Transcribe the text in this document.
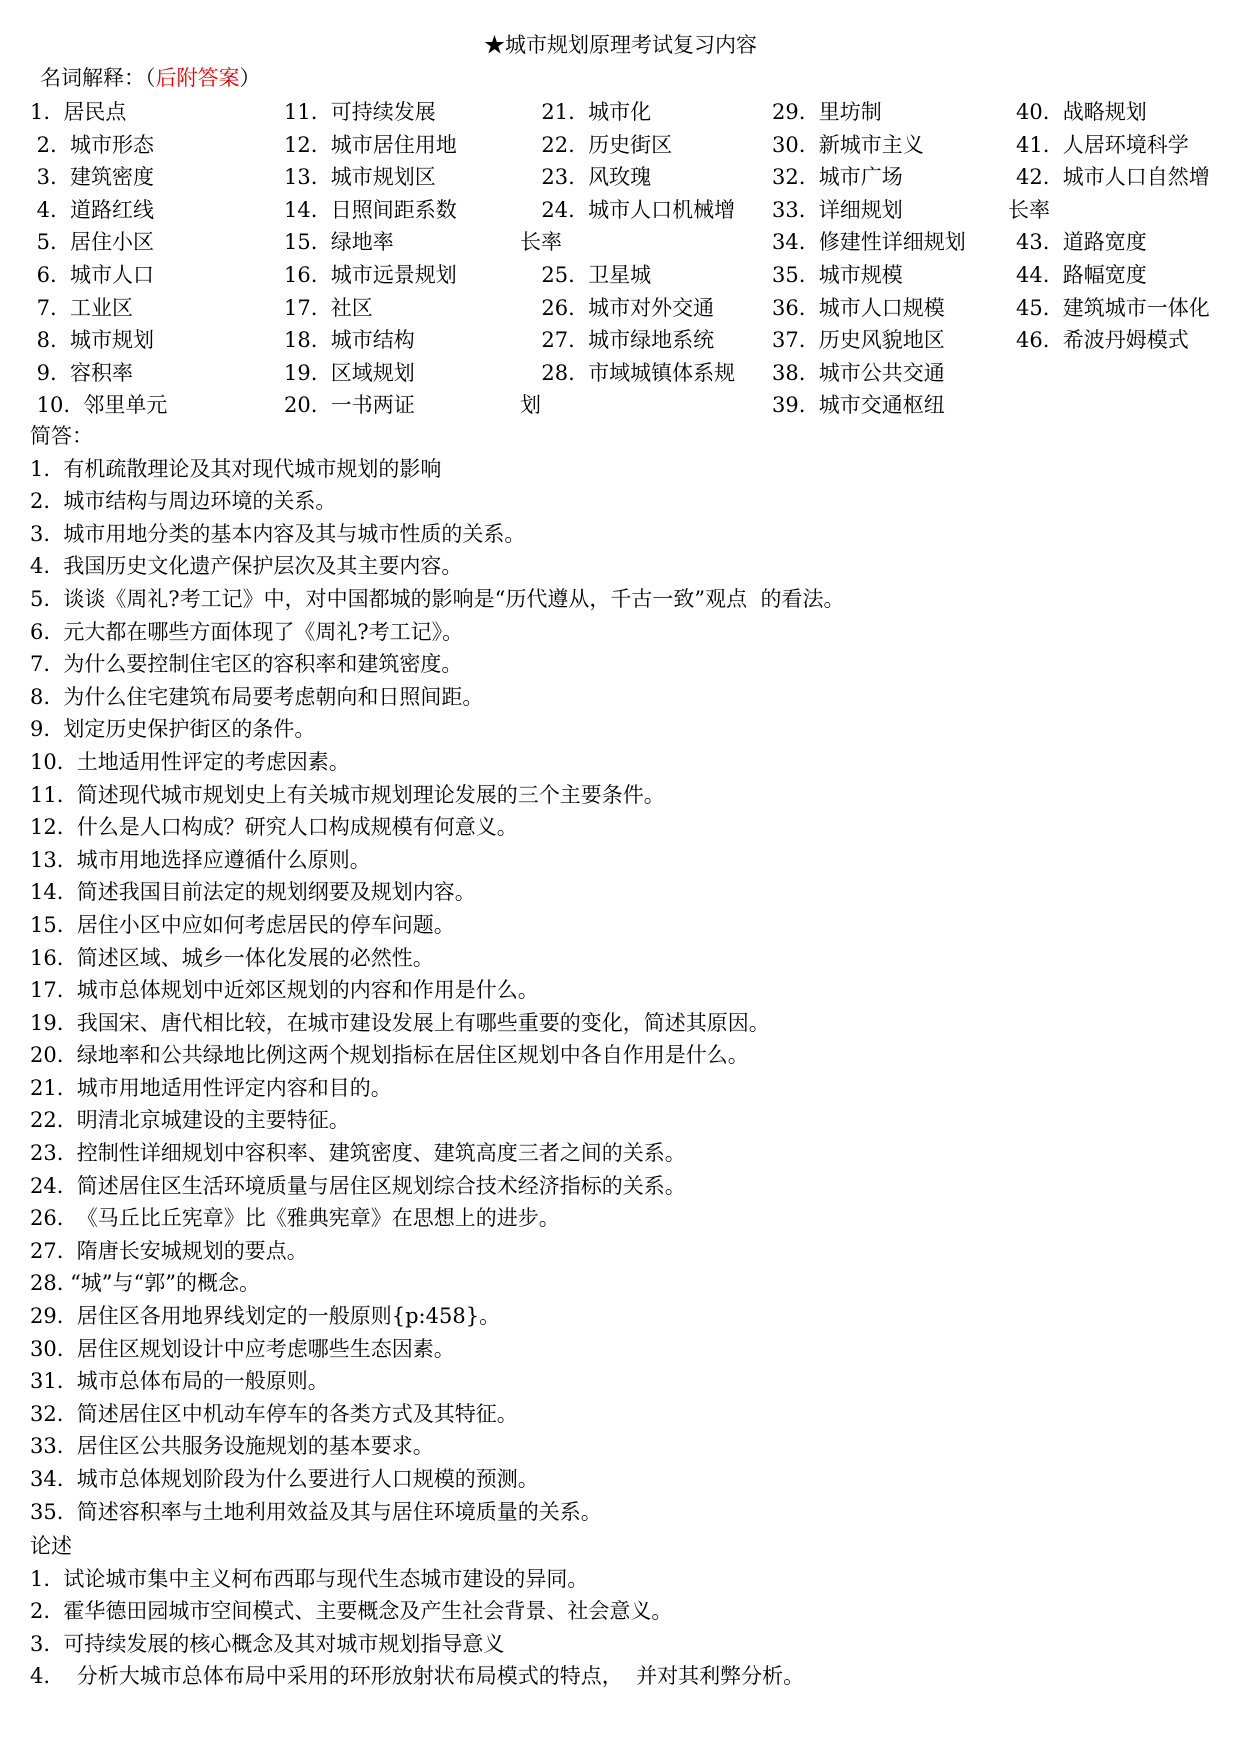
★城市规划原理考试复习内容
名词解释：（后附答案）
1.  居民点
2.  城市形态
3.  建筑密度
4.  道路红线
5.  居住小区
6.  城市人口
7.  工业区
8.  城市规划
9.  容积率
10.  邻里单元
11.  可持续发展
12.  城市居住用地
13.  城市规划区
14.  日照间距系数
15.  绿地率
16.  城市远景规划
17.  社区
18.  城市结构
19.  区域规划
20.  一书两证
21.  城市化
22.  历史街区
23.  风玫瑰
24.  城市人口机械增
长率
25.  卫星城
26.  城市对外交通
27.  城市绿地系统
28.  市域城镇体系规
划
29.  里坊制
30.  新城市主义
32.  城市广场
33.  详细规划
34.  修建性详细规划
35.  城市规模
36.  城市人口规模
37.  历史风貌地区
38.  城市公共交通
39.  城市交通枢纽
40.  战略规划
41.  人居环境科学
42.  城市人口自然增
长率
43.  道路宽度
44.  路幅宽度
45.  建筑城市一体化
46.  希波丹姆模式
简答：
1.  有机疏散理论及其对现代城市规划的影响
2.  城市结构与周边环境的关系。
3.  城市用地分类的基本内容及其与城市性质的关系。
4.  我国历史文化遗产保护层次及其主要内容。
5.  谈谈《周礼?考工记》中，对中国都城的影响是“历代遵从，千古一致”观点  的看法。
6.  元大都在哪些方面体现了《周礼?考工记》。
7.  为什么要控制住宅区的容积率和建筑密度。
8.  为什么住宅建筑布局要考虑朝向和日照间距。
9.  划定历史保护街区的条件。
10.  土地适用性评定的考虑因素。
11.  简述现代城市规划史上有关城市规划理论发展的三个主要条件。
12.  什么是人口构成？研究人口构成规模有何意义。
13.  城市用地选择应遵循什么原则。
14.  简述我国目前法定的规划纲要及规划内容。
15.  居住小区中应如何考虑居民的停车问题。
16.  简述区域、城乡一体化发展的必然性。
17.  城市总体规划中近郊区规划的内容和作用是什么。
19.  我国宋、唐代相比较，在城市建设发展上有哪些重要的变化，简述其原因。
20.  绿地率和公共绿地比例这两个规划指标在居住区规划中各自作用是什么。
21.  城市用地适用性评定内容和目的。
22.  明清北京城建设的主要特征。
23.  控制性详细规划中容积率、建筑密度、建筑高度三者之间的关系。
24.  简述居住区生活环境质量与居住区规划综合技术经济指标的关系。
26.  《马丘比丘宪章》比《雅典宪章》在思想上的进步。
27.  隋唐长安城规划的要点。
28. “城”与“郭”的概念。
29.  居住区各用地界线划定的一般原则{p:458}。
30.  居住区规划设计中应考虑哪些生态因素。
31.  城市总体布局的一般原则。
32.  简述居住区中机动车停车的各类方式及其特征。
33.  居住区公共服务设施规划的基本要求。
34.  城市总体规划阶段为什么要进行人口规模的预测。
35.  简述容积率与土地利用效益及其与居住环境质量的关系。
论述
1.  试论城市集中主义柯布西耶与现代生态城市建设的异同。
2.  霍华德田园城市空间模式、主要概念及产生社会背景、社会意义。
3.  可持续发展的核心概念及其对城市规划指导意义
4.    分析大城市总体布局中采用的环形放射状布局模式的特点，  并对其利弊分析。
